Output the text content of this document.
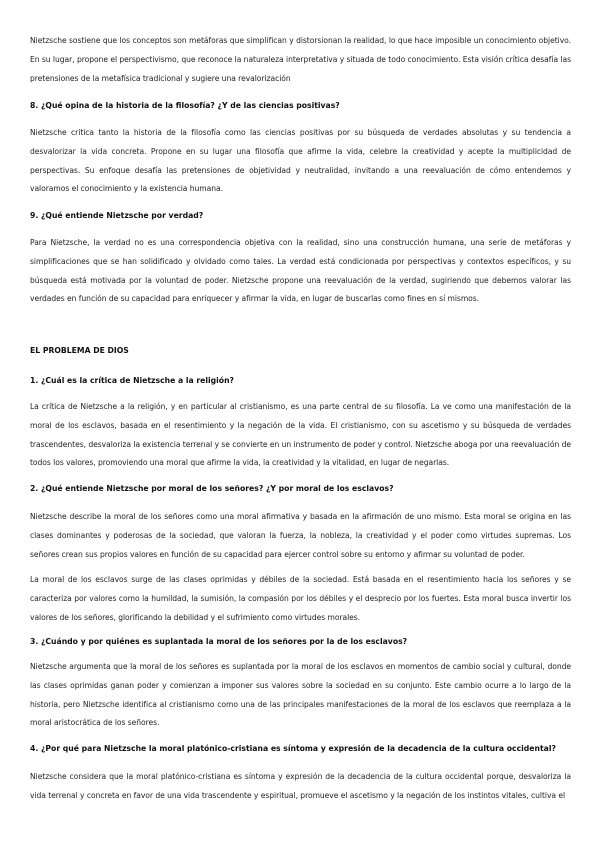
Nietzsche sostiene que los conceptos son metáforas que simplifican y distorsionan la realidad, lo que hace imposible un conocimiento objetivo. En su lugar, propone el perspectivismo, que reconoce la naturaleza interpretativa y situada de todo conocimiento. Esta visión crítica desafía las pretensiones de la metafísica tradicional y sugiere una revalorización

8. ¿Qué opina de la historia de la filosofía? ¿Y de las ciencias positivas?

Nietzsche critica tanto la historia de la filosofía como las ciencias positivas por su búsqueda de verdades absolutas y su tendencia a desvalorizar la vida concreta. Propone en su lugar una filosofía que afirme la vida, celebre la creatividad y acepte la multiplicidad de perspectivas. Su enfoque desafía las pretensiones de objetividad y neutralidad, invitando a una reevaluación de cómo entendemos y valoramos el conocimiento y la existencia humana.

9. ¿Qué entiende Nietzsche por verdad?

Para Nietzsche, la verdad no es una correspondencia objetiva con la realidad, sino una construcción humana, una serie de metáforas y simplificaciones que se han solidificado y olvidado como tales. La verdad está condicionada por perspectivas y contextos específicos, y su búsqueda está motivada por la voluntad de poder. Nietzsche propone una reevaluación de la verdad, sugiriendo que debemos valorar las verdades en función de su capacidad para enriquecer y afirmar la vida, en lugar de buscarlas como fines en sí mismos.

EL PROBLEMA DE DIOS
1. ¿Cuál es la crítica de Nietzsche a la religión?

La crítica de Nietzsche a la religión, y en particular al cristianismo, es una parte central de su filosofía. La ve como una manifestación de la moral de los esclavos, basada en el resentimiento y la negación de la vida. El cristianismo, con su ascetismo y su búsqueda de verdades trascendentes, desvaloriza la existencia terrenal y se convierte en un instrumento de poder y control. Nietzsche aboga por una reevaluación de todos los valores, promoviendo una moral que afirme la vida, la creatividad y la vitalidad, en lugar de negarlas.

2. ¿Qué entiende Nietzsche por moral de los señores? ¿Y por moral de los esclavos?

Nietzsche describe la moral de los señores como una moral afirmativa y basada en la afirmación de uno mismo. Esta moral se origina en las clases dominantes y poderosas de la sociedad, que valoran la fuerza, la nobleza, la creatividad y el poder como virtudes supremas. Los señores crean sus propios valores en función de su capacidad para ejercer control sobre su entorno y afirmar su voluntad de poder.

La moral de los esclavos surge de las clases oprimidas y débiles de la sociedad. Está basada en el resentimiento hacia los señores y se caracteriza por valores como la humildad, la sumisión, la compasión por los débiles y el desprecio por los fuertes. Esta moral busca invertir los valores de los señores, glorificando la debilidad y el sufrimiento como virtudes morales.

3. ¿Cuándo y por quiénes es suplantada la moral de los señores por la de los esclavos?

Nietzsche argumenta que la moral de los señores es suplantada por la moral de los esclavos en momentos de cambio social y cultural, donde las clases oprimidas ganan poder y comienzan a imponer sus valores sobre la sociedad en su conjunto. Este cambio ocurre a lo largo de la historia, pero Nietzsche identifica al cristianismo como una de las principales manifestaciones de la moral de los esclavos que reemplaza a la moral aristocrática de los señores.

4. ¿Por qué para Nietzsche la moral platónico-cristiana es síntoma y expresión de la decadencia de la cultura occidental?

Nietzsche considera que la moral platónico-cristiana es síntoma y expresión de la decadencia de la cultura occidental porque, desvaloriza la vida terrenal y concreta en favor de una vida trascendente y espiritual, promueve el ascetismo y la negación de los instintos vitales, cultiva el
